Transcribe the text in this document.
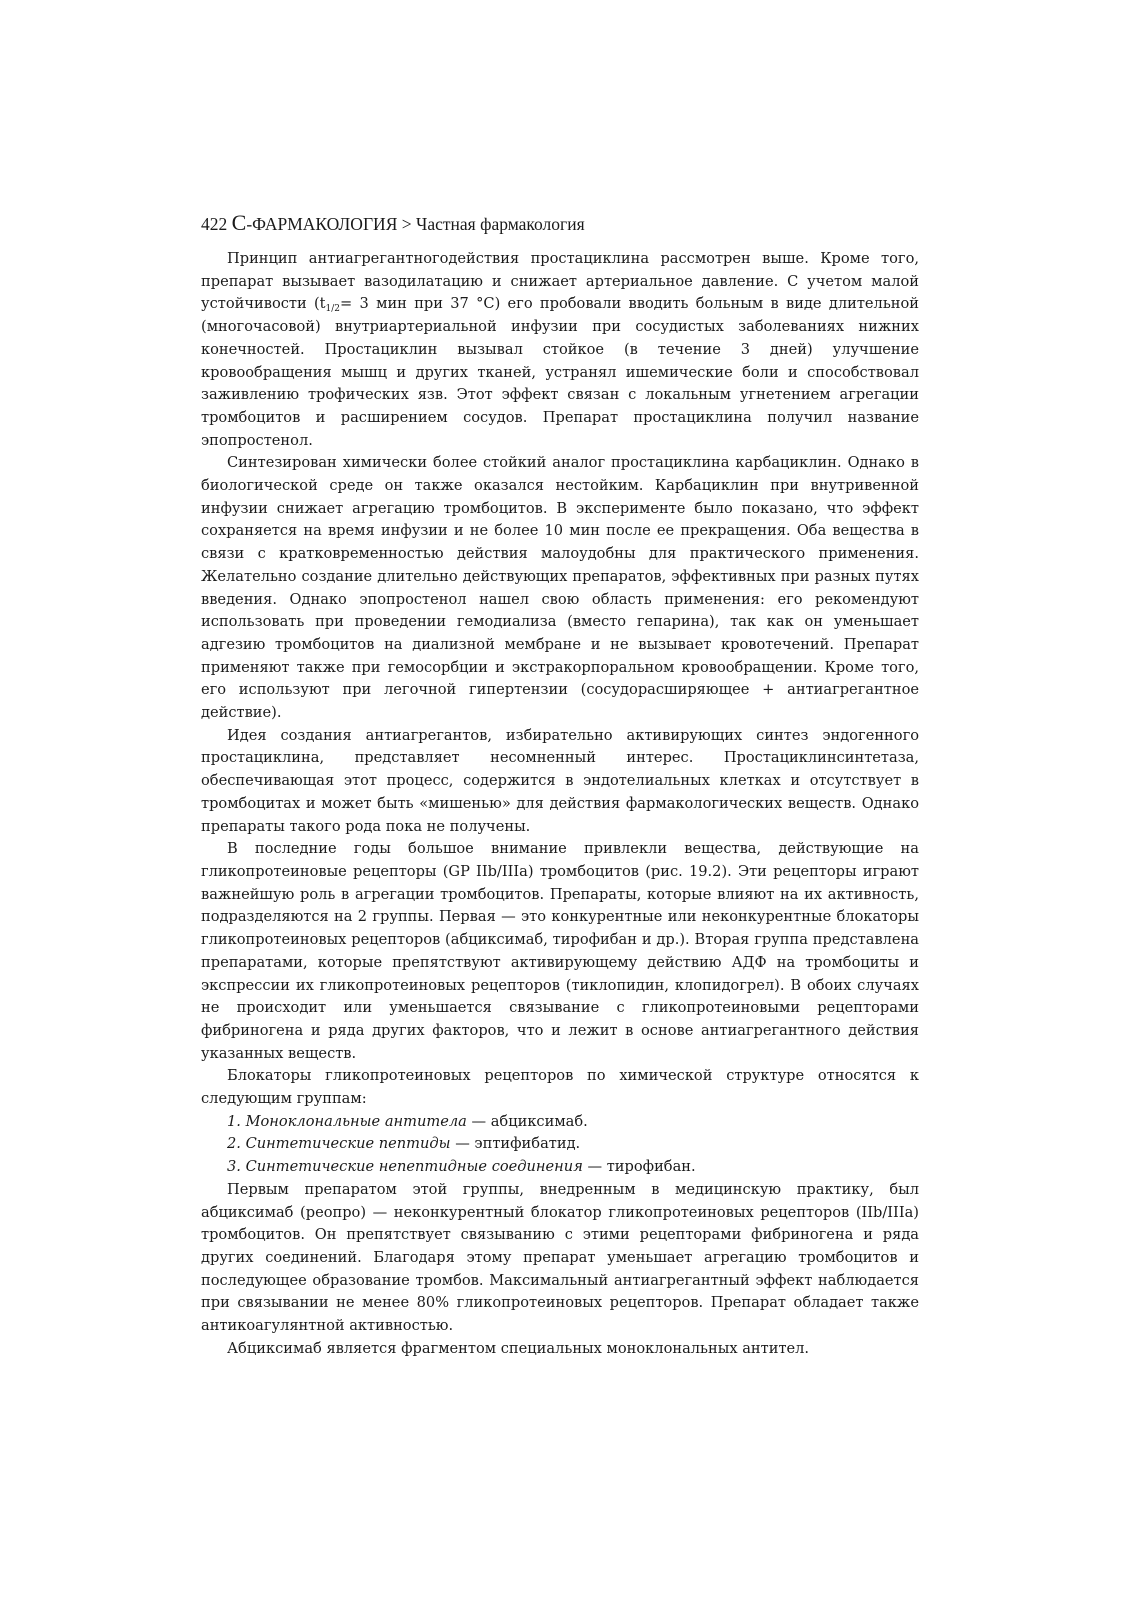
422 С-ФАРМАКОЛОГИЯ > Частная фармакология

Принцип антиагрегантногодействия простациклина рассмотрен выше. Кроме того, препарат вызывает вазодилатацию и снижает артериальное давление. С учетом малой устойчивости ($t_{1/2}= 3$ мин при 37 °С) его пробовали вводить больным в виде длительной (многочасовой) внутриартериальной инфузии при сосудистых заболеваниях нижних конечностей. Простациклин вызывал стойкое (в течение 3 дней) улучшение кровообращения мышц и других тканей, устранял ишемические боли и способствовал заживлению трофических язв. Этот эффект связан с локальным угнетением агрегации тромбоцитов и расширением сосудов. Препарат простациклина получил название эпопростенол.

Синтезирован химически более стойкий аналог простациклина карбациклин. Однако в биологической среде он также оказался нестойким. Карбациклин при внутривенной инфузии снижает агрегацию тромбоцитов. В эксперименте было показано, что эффект сохраняется на время инфузии и не более 10 мин после ее прекращения. Оба вещества в связи с кратковременностью действия малоудобны для практического применения. Желательно создание длительно действующих препаратов, эффективных при разных путях введения. Однако эпопростенол нашел свою область применения: его рекомендуют использовать при проведении гемодиализа (вместо гепарина), так как он уменьшает адгезию тромбоцитов на диализной мембране и не вызывает кровотечений. Препарат применяют также при гемосорбции и экстракорпоральном кровообращении. Кроме того, его используют при легочной гипертензии (сосудорасширяющее + антиагрегантное действие).

Идея создания антиагрегантов, избирательно активирующих синтез эндогенного простациклина, представляет несомненный интерес. Простациклинсинтетаза, обеспечивающая этот процесс, содержится в эндотелиальных клетках и отсутствует в тромбоцитах и может быть «мишенью» для действия фармакологических веществ. Однако препараты такого рода пока не получены.

В последние годы большое внимание привлекли вещества, действующие на гликопротеиновые рецепторы (GP IIb/IIIa) тромбоцитов (рис. 19.2). Эти рецепторы играют важнейшую роль в агрегации тромбоцитов. Препараты, которые влияют на их активность, подразделяются на 2 группы. Первая — это конкурентные или неконкурентные блокаторы гликопротеиновых рецепторов (абциксимаб, тирофибан и др.). Вторая группа представлена препаратами, которые препятствуют активирующему действию АДФ на тромбоциты и экспрессии их гликопротеиновых рецепторов (тиклопидин, клопидогрел). В обоих случаях не происходит или уменьшается связывание с гликопротеиновыми рецепторами фибриногена и ряда других факторов, что и лежит в основе антиагрегантного действия указанных веществ.

Блокаторы гликопротеиновых рецепторов по химической структуре относятся к следующим группам:

1. Моноклональные антитела — абциксимаб.
2. Синтетические пептиды — эптифибатид.
3. Синтетические непептидные соединения — тирофибан.

Первым препаратом этой группы, внедренным в медицинскую практику, был абциксимаб (реопро) — неконкурентный блокатор гликопротеиновых рецепторов (IIb/IIIa) тромбоцитов. Он препятствует связыванию с этими рецепторами фибриногена и ряда других соединений. Благодаря этому препарат уменьшает агрегацию тромбоцитов и последующее образование тромбов. Максимальный антиагрегантный эффект наблюдается при связывании не менее 80% гликопротеиновых рецепторов. Препарат обладает также антикоагулянтной активностью.

Абциксимаб является фрагментом специальных моноклональных антител.
